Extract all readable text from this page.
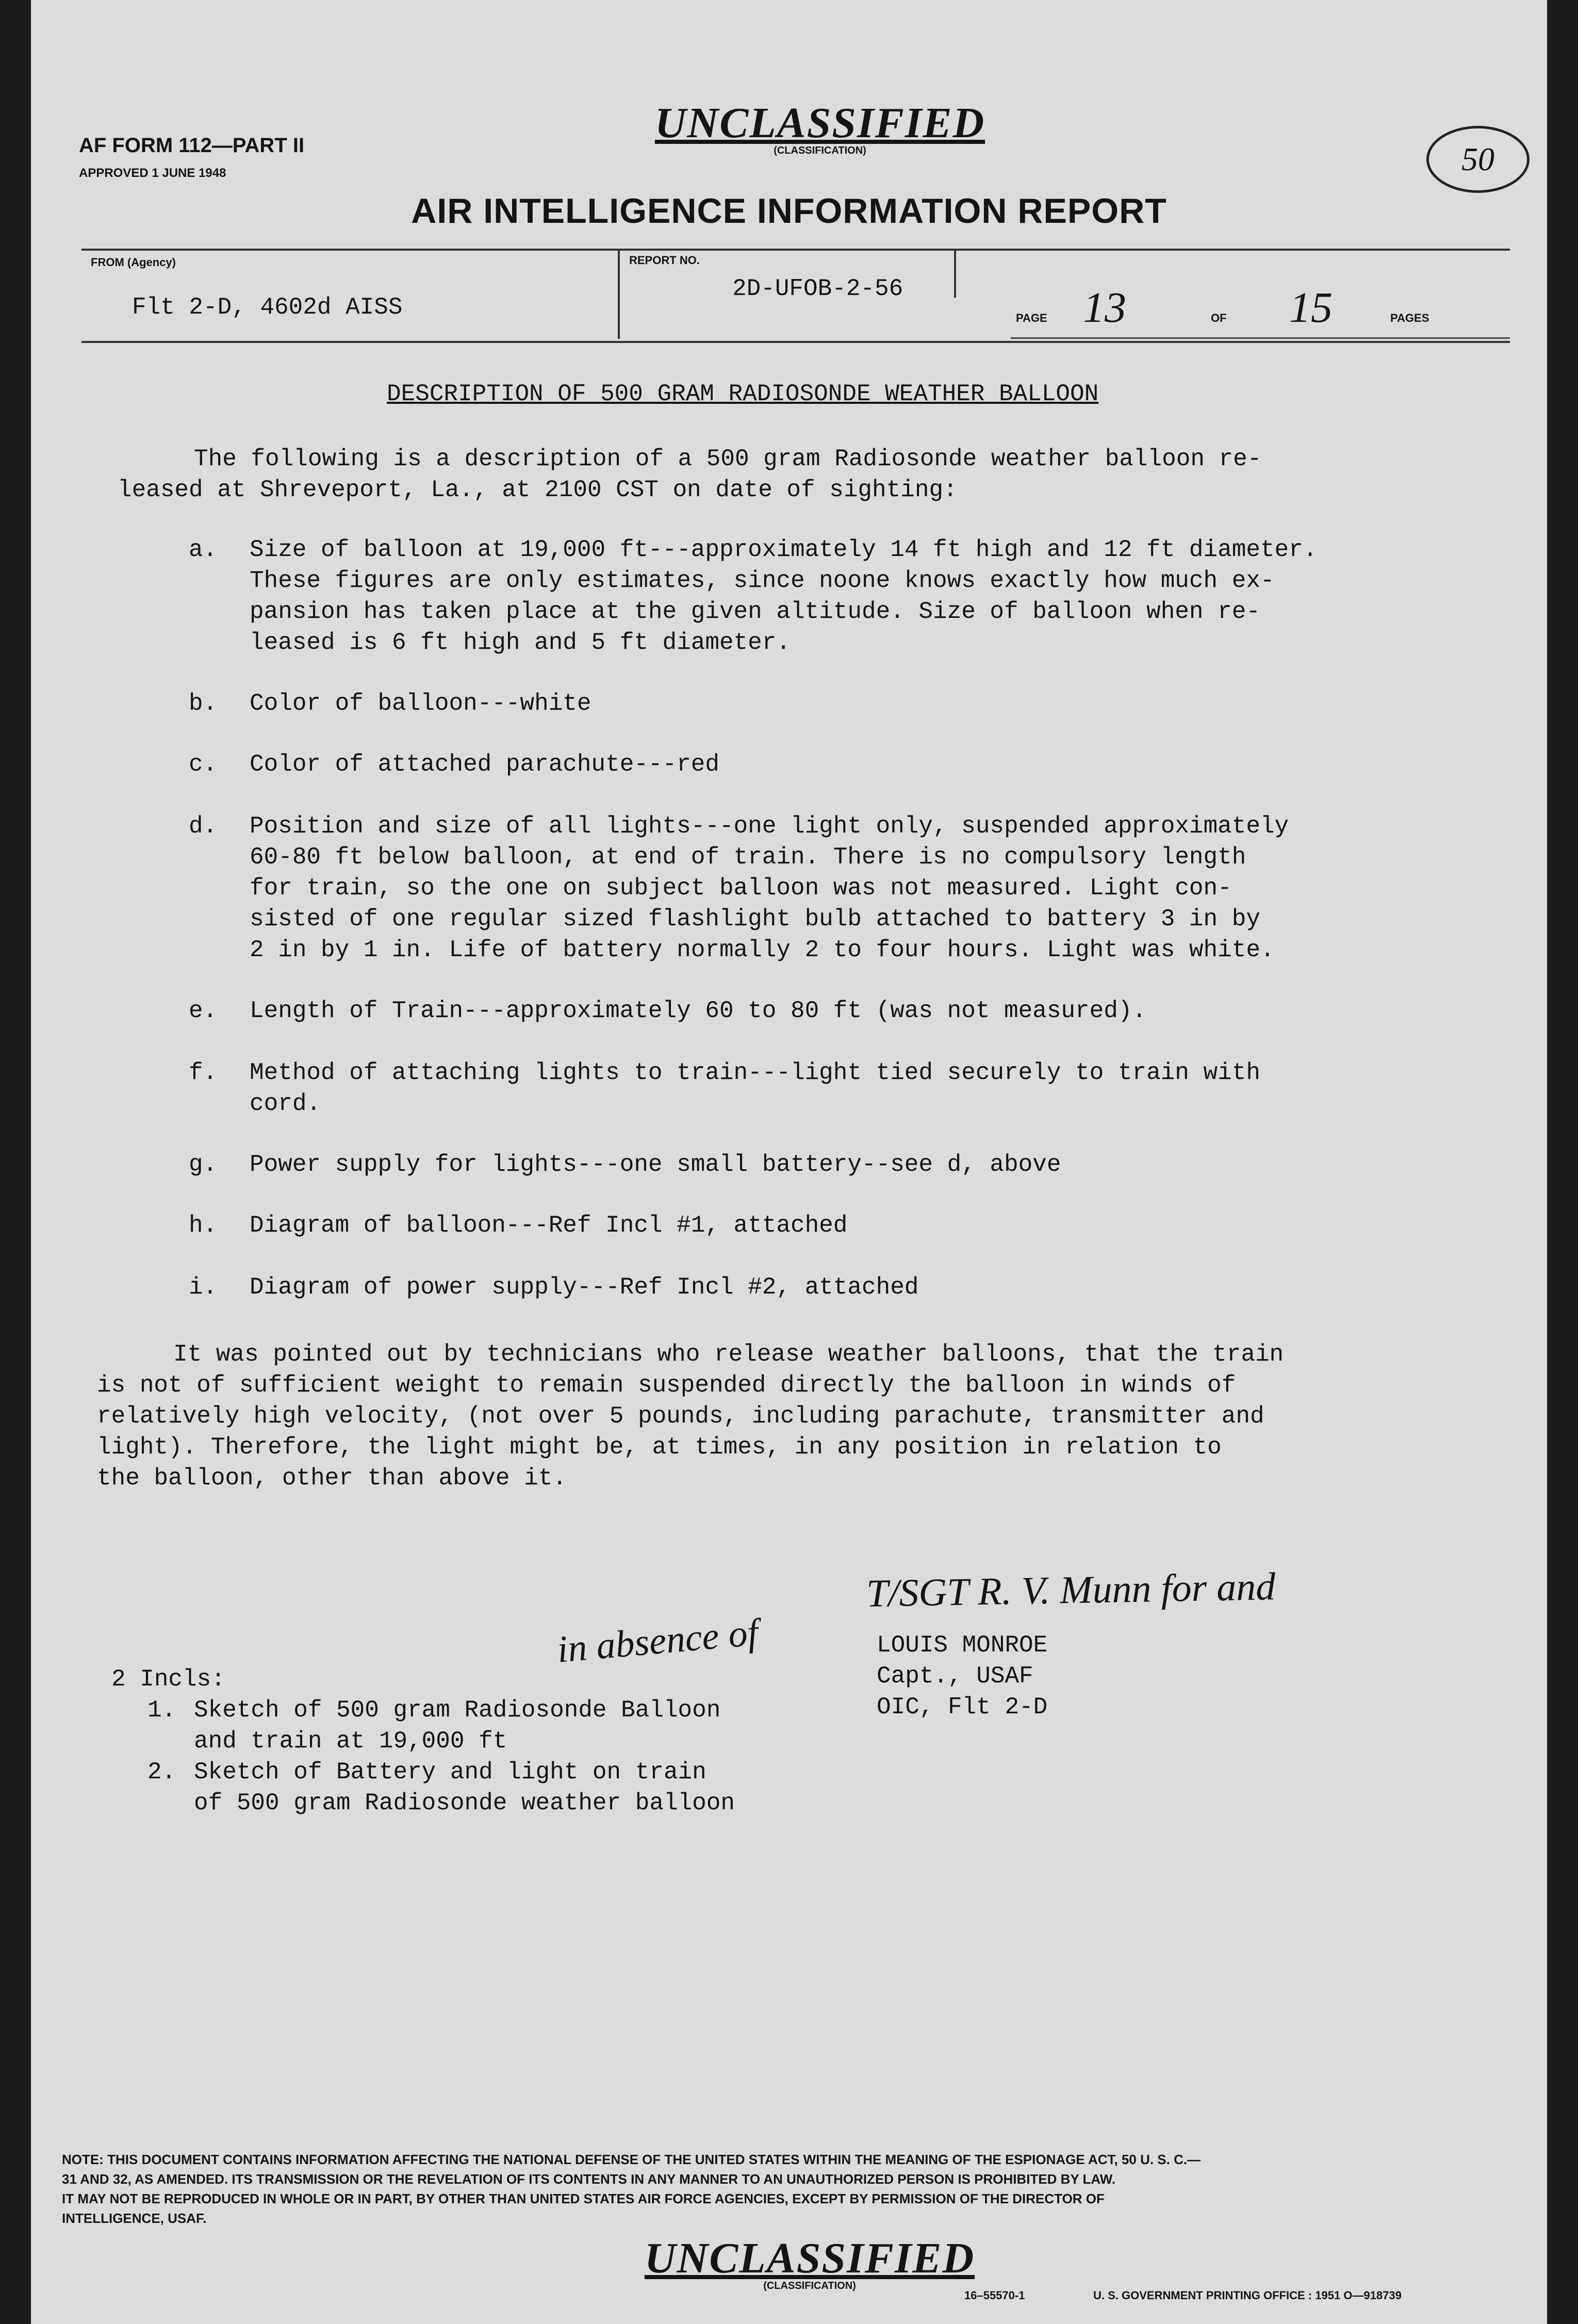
AF FORM 112—PART II
APPROVED 1 JUNE 1948
UNCLASSIFIED
(CLASSIFICATION)	50
AIR INTELLIGENCE INFORMATION REPORT
FROM (Agency)
Flt 2-D, 4602d AISS
REPORT NO.
2D-UFOB-2-56
PAGE 13	OF 15	PAGES
DESCRIPTION OF 500 GRAM RADIOSONDE WEATHER BALLOON
The following is a description of a 500 gram Radiosonde weather balloon re-
leased at Shreveport, La., at 2100 CST on date of sighting:
a. Size of balloon at 19,000 ft---approximately 14 ft high and 12 ft diameter.
These figures are only estimates, since noone knows exactly how much ex-
pansion has taken place at the given altitude. Size of balloon when re-
leased is 6 ft high and 5 ft diameter.
b. Color of balloon---white
c. Color of attached parachute---red
d. Position and size of all lights---one light only, suspended approximately
60-80 ft below balloon, at end of train. There is no compulsory length
for train, so the one on subject balloon was not measured. Light con-
sisted of one regular sized flashlight bulb attached to battery 3 in by
2 in by 1 in. Life of battery normally 2 to four hours. Light was white.
e. Length of Train---approximately 60 to 80 ft (was not measured).
f. Method of attaching lights to train---light tied securely to train with
cord.
g. Power supply for lights---one small battery--see d, above
h. Diagram of balloon---Ref Incl #1, attached
i. Diagram of power supply---Ref Incl #2, attached
It was pointed out by technicians who release weather balloons, that the train
is not of sufficient weight to remain suspended directly the balloon in winds of
relatively high velocity, (not over 5 pounds, including parachute, transmitter and
light). Therefore, the light might be, at times, in any position in relation to
the balloon, other than above it.
T/SGT R. V. Munn for and
in absence of	LOUIS MONROE
Capt., USAF
OIC, Flt 2-D
2 Incls:
1. Sketch of 500 gram Radiosonde Balloon
and train at 19,000 ft
2. Sketch of Battery and light on train
of 500 gram Radiosonde weather balloon
NOTE: THIS DOCUMENT CONTAINS INFORMATION AFFECTING THE NATIONAL DEFENSE OF THE UNITED STATES WITHIN THE MEANING OF THE ESPIONAGE ACT, 50 U. S. C.—
31 AND 32, AS AMENDED. ITS TRANSMISSION OR THE REVELATION OF ITS CONTENTS IN ANY MANNER TO AN UNAUTHORIZED PERSON IS PROHIBITED BY LAW.
IT MAY NOT BE REPRODUCED IN WHOLE OR IN PART, BY OTHER THAN UNITED STATES AIR FORCE AGENCIES, EXCEPT BY PERMISSION OF THE DIRECTOR OF
INTELLIGENCE, USAF.
UNCLASSIFIED
(CLASSIFICATION)
16–55570-1	U. S. GOVERNMENT PRINTING OFFICE : 1951 O—918739
